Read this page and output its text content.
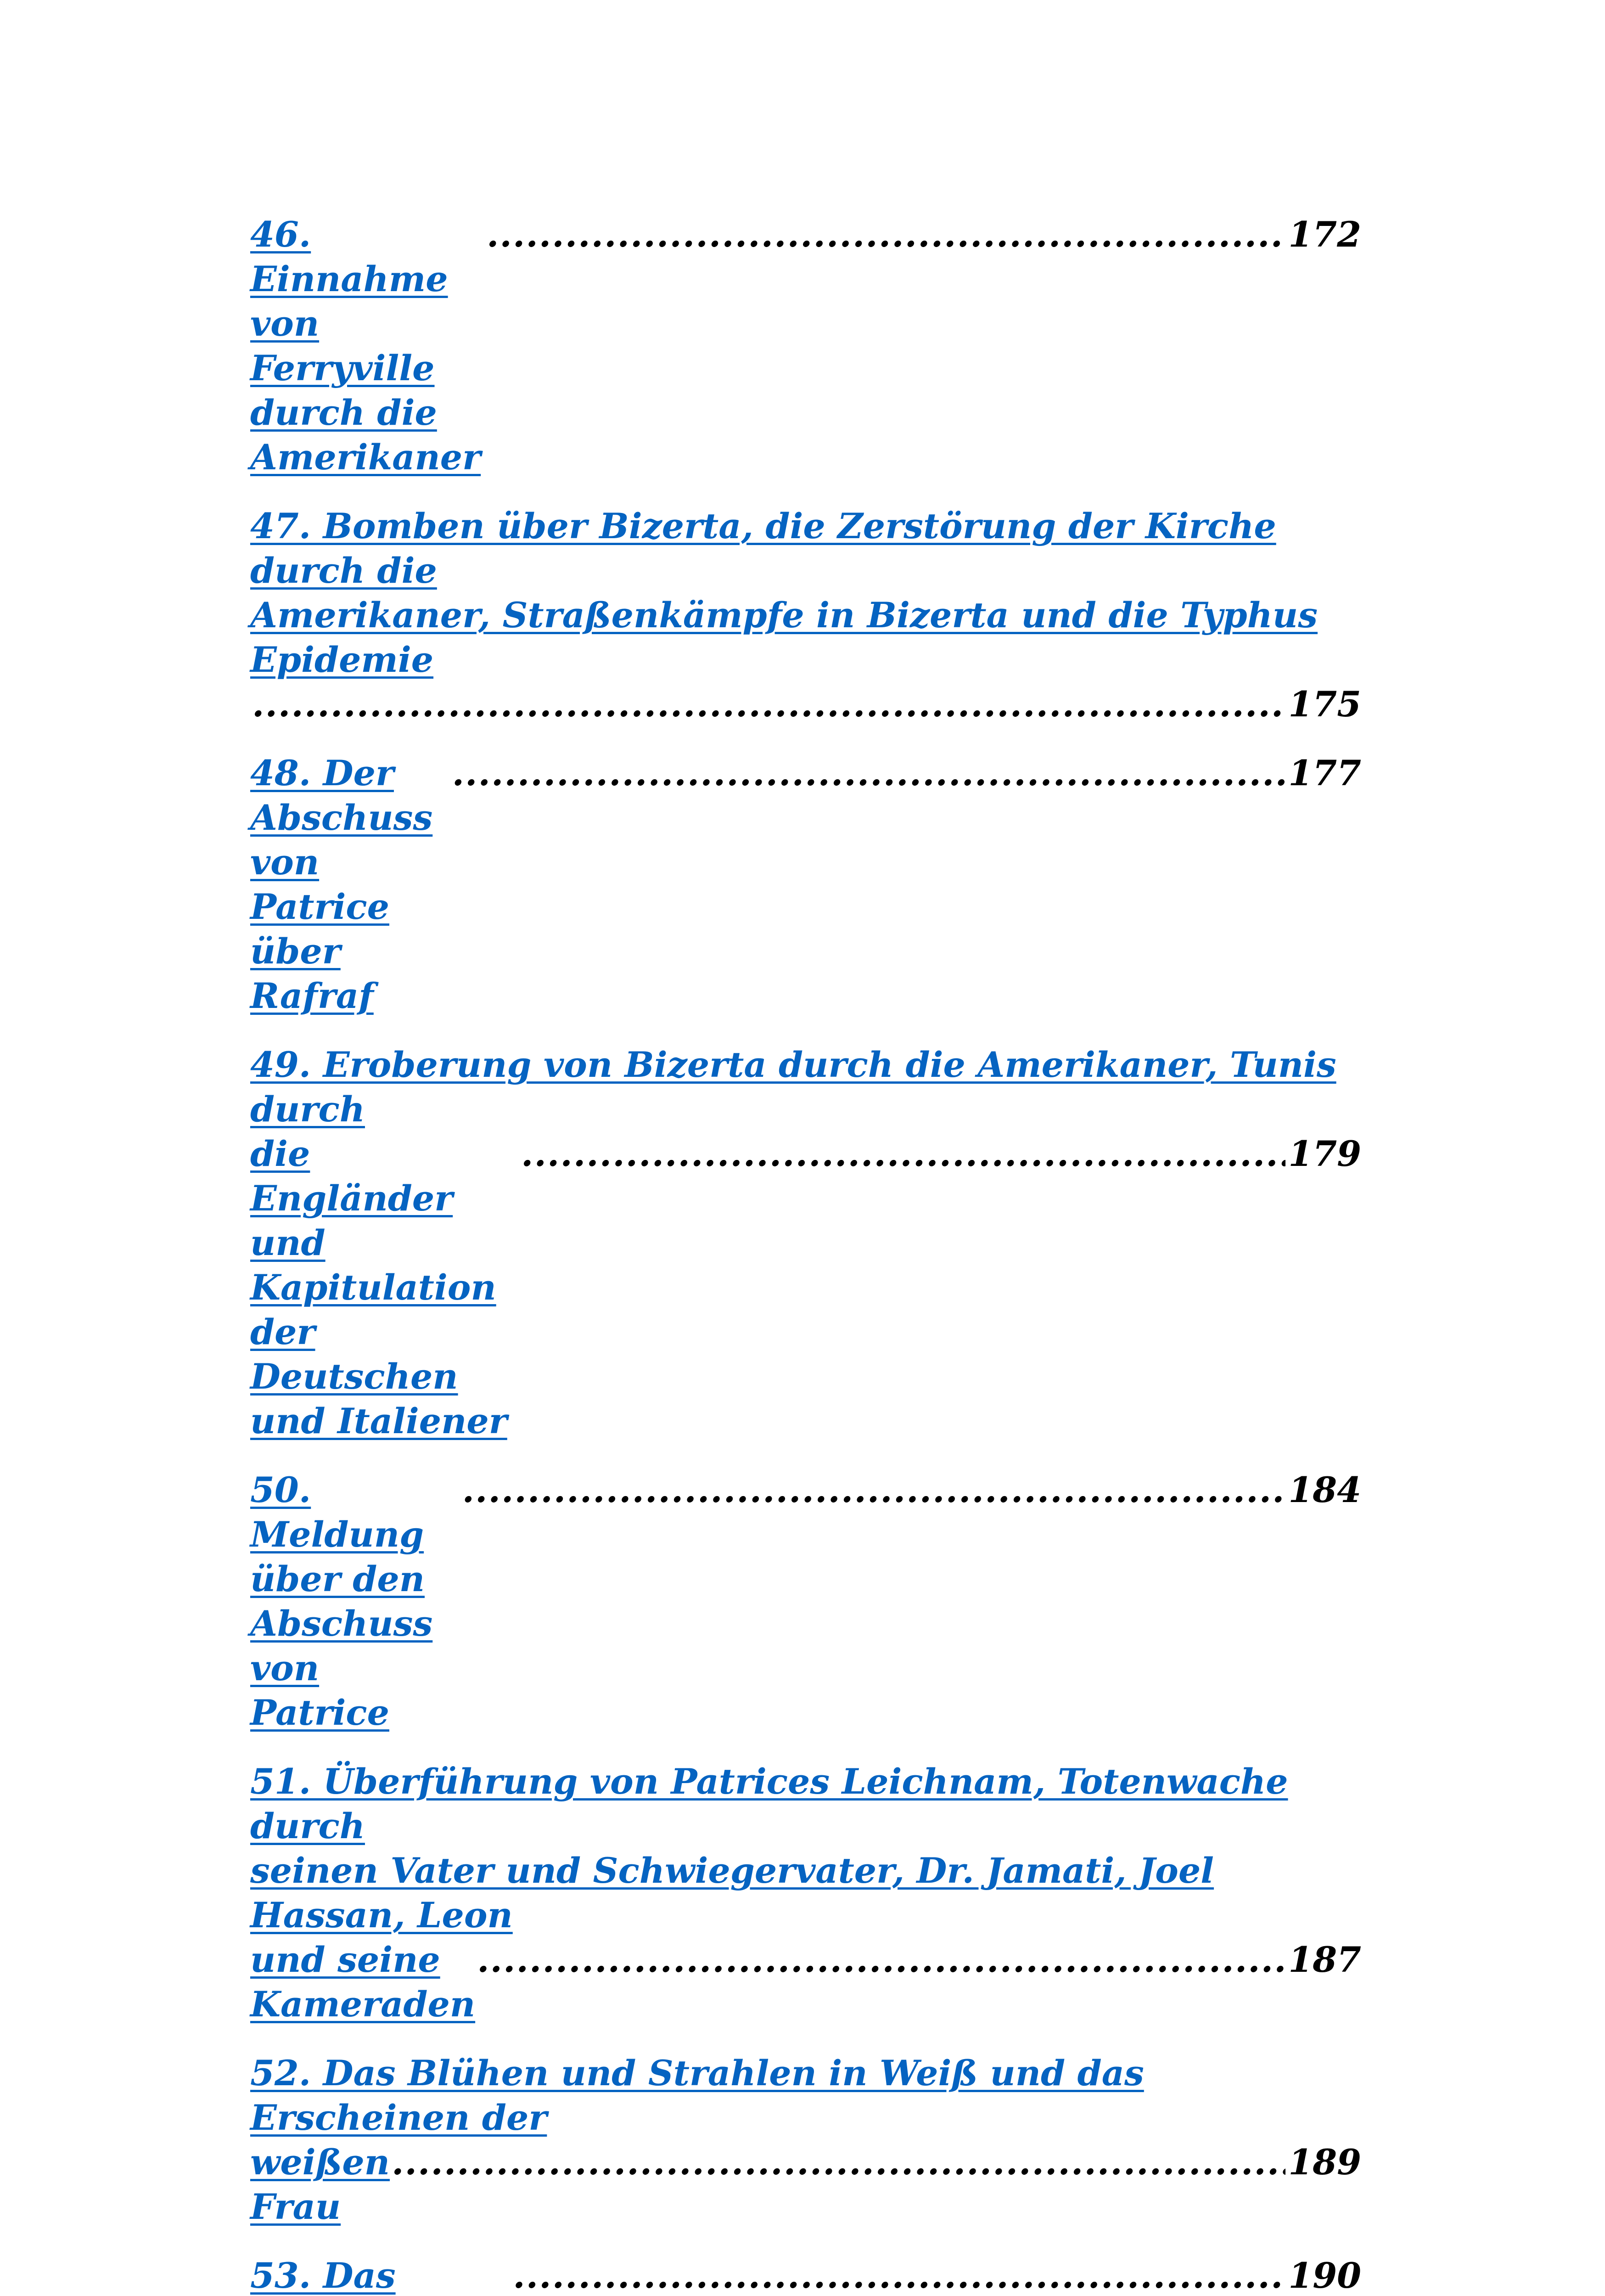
46. Einnahme von Ferryville durch die Amerikaner
.....
172
47. Bomben über Bizerta, die Zerstörung der Kirche durch die
Amerikaner, Straßenkämpfe in Bizerta und die Typhus Epidemie
.....
175
48. Der Abschuss von Patrice über Rafraf
.....
177
49. Eroberung von Bizerta durch die Amerikaner, Tunis durch
die Engländer und Kapitulation der Deutschen und Italiener
.....
179
50. Meldung über den Abschuss von Patrice
.....
184
51. Überführung von Patrices Leichnam, Totenwache durch
seinen Vater und Schwiegervater, Dr. Jamati, Joel Hassan, Leon
und seine Kameraden
.....
187
52. Das Blühen und Strahlen in Weiß und das Erscheinen der
weißen Frau
.....
189
53. Das
.....	190
